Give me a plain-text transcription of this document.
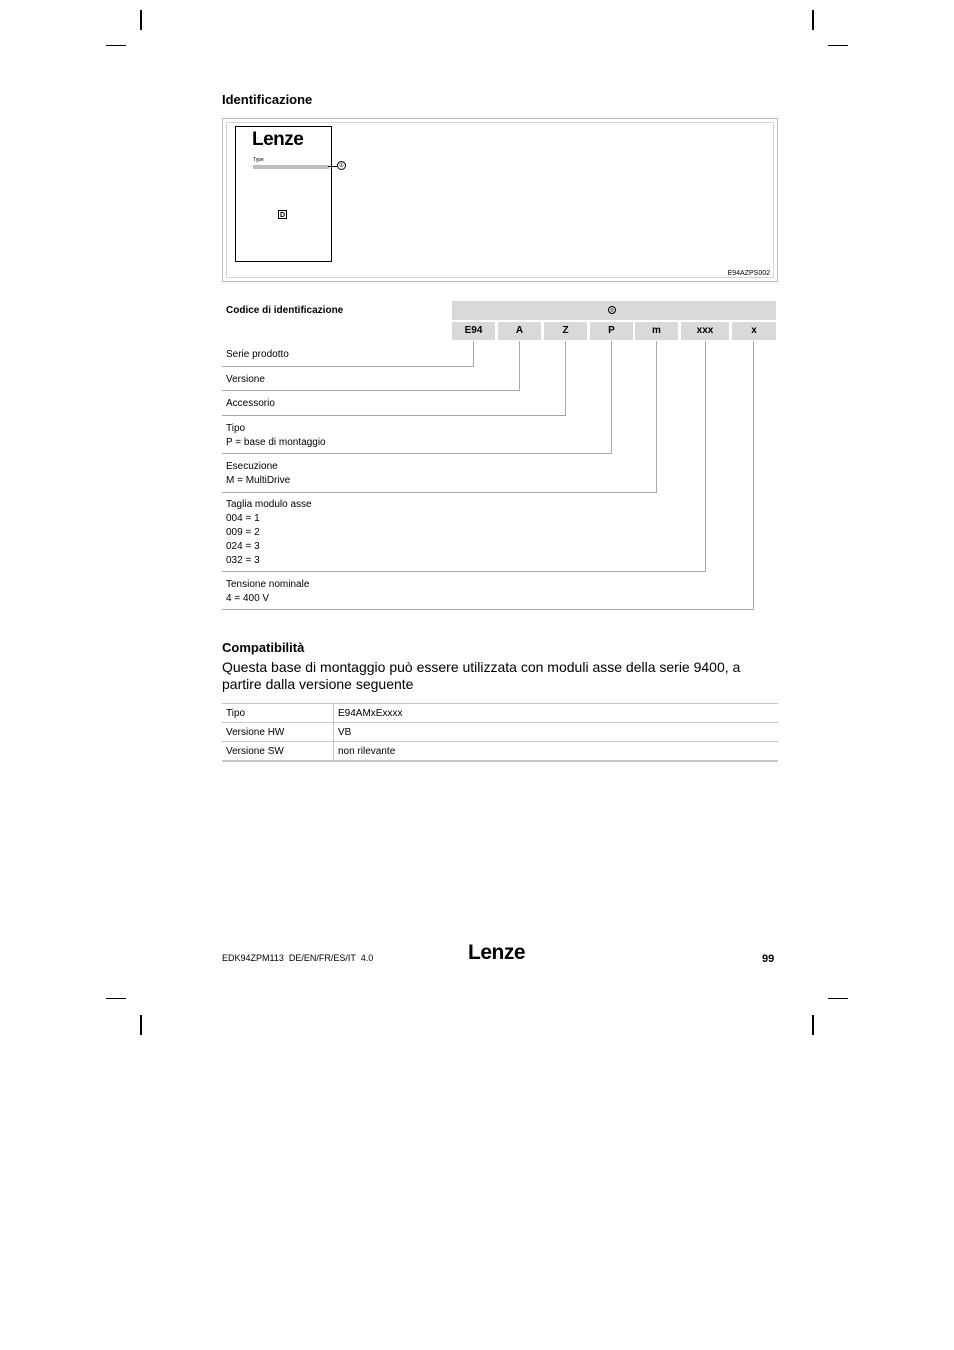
Identificazione
Lenze
Type
D
①
E94AZPS002
Codice di identificazione	①
E94	A	Z	P	m	xxx	x
Serie prodotto
Versione
Accessorio
Tipo
P = base di montaggio
Esecuzione
M = MultiDrive
Taglia modulo asse
004 = 1
009 = 2
024 = 3
032 = 3
Tensione nominale
4 = 400 V
Compatibilità
Questa base di montaggio può essere utilizzata con moduli asse della serie 9400, a partire dalla versione seguente
Tipo	E94AMxExxxx
Versione HW	VB
Versione SW	non rilevante
EDK94ZPM113  DE/EN/FR/ES/IT  4.0	Lenze	99
